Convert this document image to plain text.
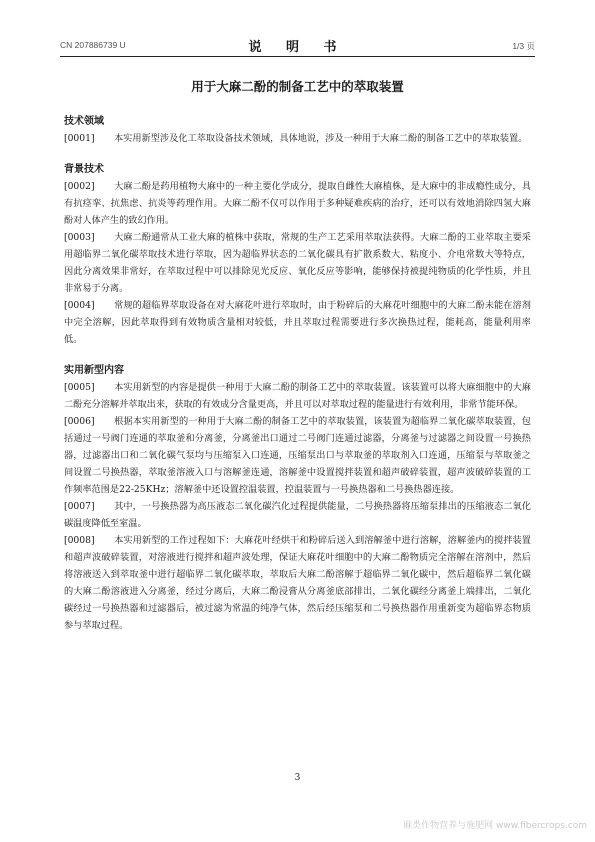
CN 207886739 U	说 明 书	1/3 页
用于大麻二酚的制备工艺中的萃取装置
技术领域

[0001] 本实用新型涉及化工萃取设备技术领域，具体地说，涉及一种用于大麻二酚的制备工艺中的萃取装置。

背景技术

[0002] 大麻二酚是药用植物大麻中的一种主要化学成分，提取自雌性大麻植株，是大麻中的非成瘾性成分，具有抗痉挛、抗焦虑、抗炎等药理作用。大麻二酚不仅可以作用于多种疑难疾病的治疗，还可以有效地消除四氢大麻酚对人体产生的致幻作用。

[0003] 大麻二酚通常从工业大麻的植株中获取，常规的生产工艺采用萃取法获得。大麻二酚的工业萃取主要采用超临界二氧化碳萃取技术进行萃取，因为超临界状态的二氧化碳具有扩散系数大、粘度小、介电常数大等特点，因此分离效果非常好，在萃取过程中可以排除见光反应、氧化反应等影响，能够保持被提纯物质的化学性质，并且非常易于分离。

[0004] 常规的超临界萃取设备在对大麻花叶进行萃取时，由于粉碎后的大麻花叶细胞中的大麻二酚未能在溶剂中完全溶解，因此萃取得到有效物质含量相对较低，并且萃取过程需要进行多次换热过程，能耗高，能量利用率低。

实用新型内容

[0005] 本实用新型的内容是提供一种用于大麻二酚的制备工艺中的萃取装置。该装置可以将大麻细胞中的大麻二酚充分溶解并萃取出来，获取的有效成分含量更高，并且可以对萃取过程的能量进行有效利用，非常节能环保。

[0006] 根据本实用新型的一种用于大麻二酚的制备工艺中的萃取装置，该装置为超临界二氧化碳萃取装置，包括通过一号阀门连通的萃取釜和分离釜，分离釜出口通过二号阀门连通过滤器，分离釜与过滤器之间设置一号换热器，过滤器出口和二氧化碳气泵均与压缩泵入口连通，压缩泵出口与萃取釜的萃取剂入口连通，压缩泵与萃取釜之间设置二号换热器，萃取釜溶液入口与溶解釜连通，溶解釜中设置搅拌装置和超声破碎装置，超声波破碎装置的工作频率范围是22-25KHz；溶解釜中还设置控温装置，控温装置与一号换热器和二号换热器连接。

[0007] 其中，一号换热器为高压液态二氧化碳汽化过程提供能量，二号换热器将压缩泵排出的压缩液态二氧化碳温度降低至室温。

[0008] 本实用新型的工作过程如下：大麻花叶经烘干和粉碎后送入到溶解釜中进行溶解，溶解釜内的搅拌装置和超声波破碎装置，对溶液进行搅拌和超声波处理，保证大麻花叶细胞中的大麻二酚物质完全溶解在溶剂中，然后将溶液送入到萃取釜中进行超临界二氧化碳萃取，萃取后大麻二酚溶解于超临界二氧化碳中，然后超临界二氧化碳的大麻二酚溶液进入分离釜，经过分离后，大麻二酚浸膏从分离釜底部排出，二氧化碳经分离釜上端排出，二氧化碳经过一号换热器和过滤器后，被过滤为常温的纯净气体，然后经压缩泵和二号换热器作用重新变为超临界态物质参与萃取过程。

3
麻类作物营养与施肥网 www.fibercrops.com
